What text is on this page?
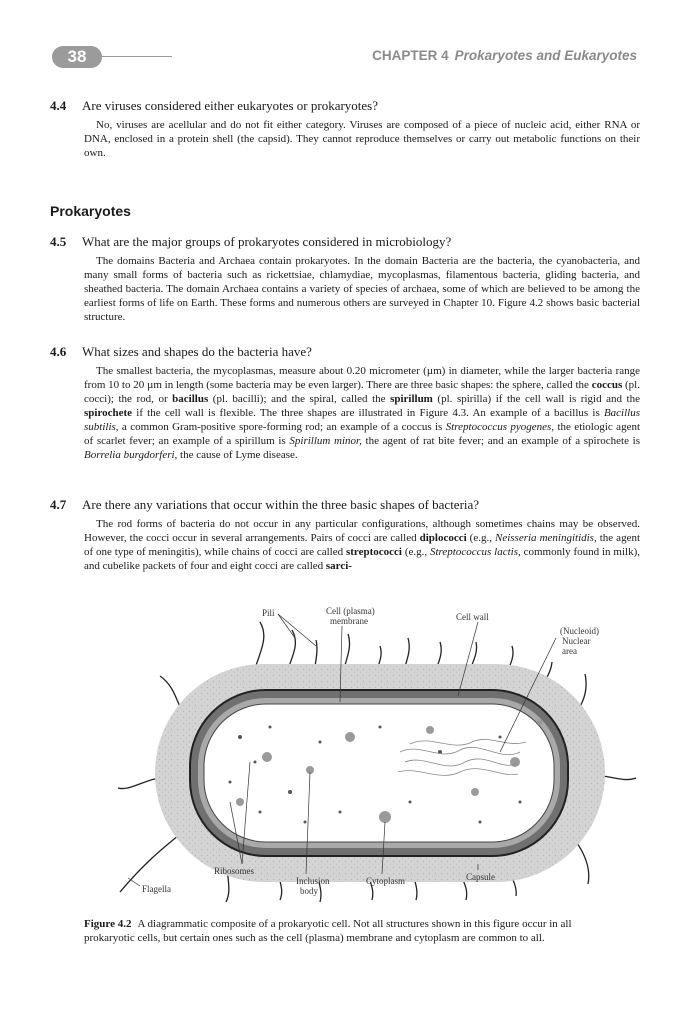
38	CHAPTER 4 Prokaryotes and Eukaryotes
4.4	Are viruses considered either eukaryotes or prokaryotes?
No, viruses are acellular and do not fit either category. Viruses are composed of a piece of nucleic acid, either RNA or DNA, enclosed in a protein shell (the capsid). They cannot reproduce themselves or carry out metabolic functions on their own.
Prokaryotes
4.5	What are the major groups of prokaryotes considered in microbiology?
The domains Bacteria and Archaea contain prokaryotes. In the domain Bacteria are the bacteria, the cyanobacteria, and many small forms of bacteria such as rickettsiae, chlamydiae, mycoplasmas, filamentous bacteria, gliding bacteria, and sheathed bacteria. The domain Archaea contains a variety of species of archaea, some of which are believed to be among the earliest forms of life on Earth. These forms and numerous others are surveyed in Chapter 10. Figure 4.2 shows basic bacterial structure.
4.6	What sizes and shapes do the bacteria have?
The smallest bacteria, the mycoplasmas, measure about 0.20 micrometer (µm) in diameter, while the larger bacteria range from 10 to 20 µm in length (some bacteria may be even larger). There are three basic shapes: the sphere, called the coccus (pl. cocci); the rod, or bacillus (pl. bacilli); and the spiral, called the spirillum (pl. spirilla) if the cell wall is rigid and the spirochete if the cell wall is flexible. The three shapes are illustrated in Figure 4.3. An example of a bacillus is Bacillus subtilis, a common Gram-positive spore-forming rod; an example of a coccus is Streptococcus pyogenes, the etiologic agent of scarlet fever; an example of a spirillum is Spirillum minor, the agent of rat bite fever; and an example of a spirochete is Borrelia burgdorferi, the cause of Lyme disease.
4.7	Are there any variations that occur within the three basic shapes of bacteria?
The rod forms of bacteria do not occur in any particular configurations, although sometimes chains may be observed. However, the cocci occur in several arrangements. Pairs of cocci are called diplococci (e.g., Neisseria meningitidis, the agent of one type of meningitis), while chains of cocci are called streptococci (e.g., Streptococcus lactis, commonly found in milk), and cubelike packets of four and eight cocci are called sarci-
Pili	Cell (plasma)
membrane	Cell wall
(Nucleoid)
Nuclear
area
Ribosomes
Inclusion
body
Cytoplasm	Capsule
Flagella
Figure 4.2 A diagrammatic composite of a prokaryotic cell. Not all structures shown in this figure occur in all prokaryotic cells, but certain ones such as the cell (plasma) membrane and cytoplasm are common to all.
